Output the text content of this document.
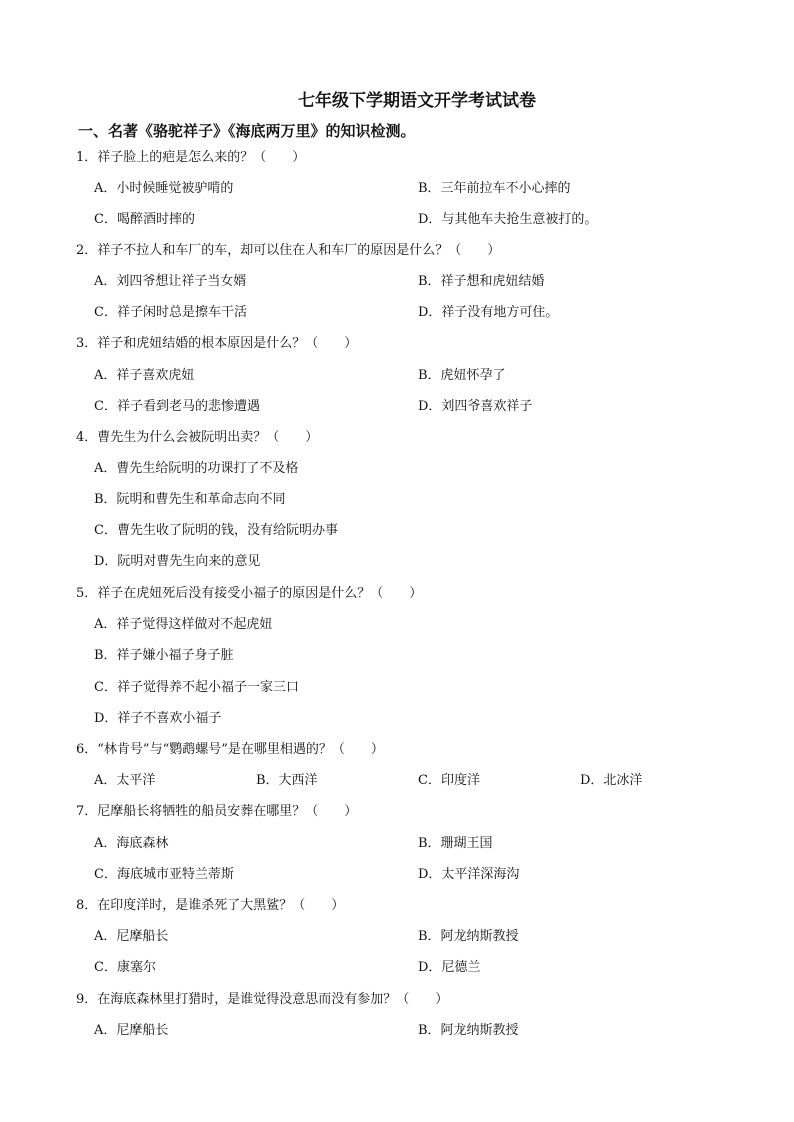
七年级下学期语文开学考试试卷
一、名著《骆驼祥子》《海底两万里》的知识检测。
1．祥子脸上的疤是怎么来的？（　　）
A．小时候睡觉被驴啃的	B．三年前拉车不小心摔的
C．喝醉酒时摔的	D．与其他车夫抢生意被打的。
2．祥子不拉人和车厂的车，却可以住在人和车厂的原因是什么？（　　）
A．刘四爷想让祥子当女婿	B．祥子想和虎妞结婚
C．祥子闲时总是擦车干活	D．祥子没有地方可住。
3．祥子和虎妞结婚的根本原因是什么？（　　）
A．祥子喜欢虎妞	B．虎妞怀孕了
C．祥子看到老马的悲惨遭遇	D．刘四爷喜欢祥子
4．曹先生为什么会被阮明出卖？（　　）
A．曹先生给阮明的功课打了不及格
B．阮明和曹先生和革命志向不同
C．曹先生收了阮明的钱，没有给阮明办事
D．阮明对曹先生向来的意见
5．祥子在虎妞死后没有接受小福子的原因是什么？（　　）
A．祥子觉得这样做对不起虎妞
B．祥子嫌小福子身子脏
C．祥子觉得养不起小福子一家三口
D．祥子不喜欢小福子
6．“林肯号”与“鹦鹉螺号”是在哪里相遇的？（　　）
A．太平洋	B．大西洋	C．印度洋	D．北冰洋
7．尼摩船长将牺牲的船员安葬在哪里？（　　）
A．海底森林	B．珊瑚王国
C．海底城市亚特兰蒂斯	D．太平洋深海沟
8．在印度洋时，是谁杀死了大黑鲨？（　　）
A．尼摩船长	B．阿龙纳斯教授
C．康塞尔	D．尼德兰
9．在海底森林里打猎时，是谁觉得没意思而没有参加？（　　）
A．尼摩船长	B．阿龙纳斯教授
